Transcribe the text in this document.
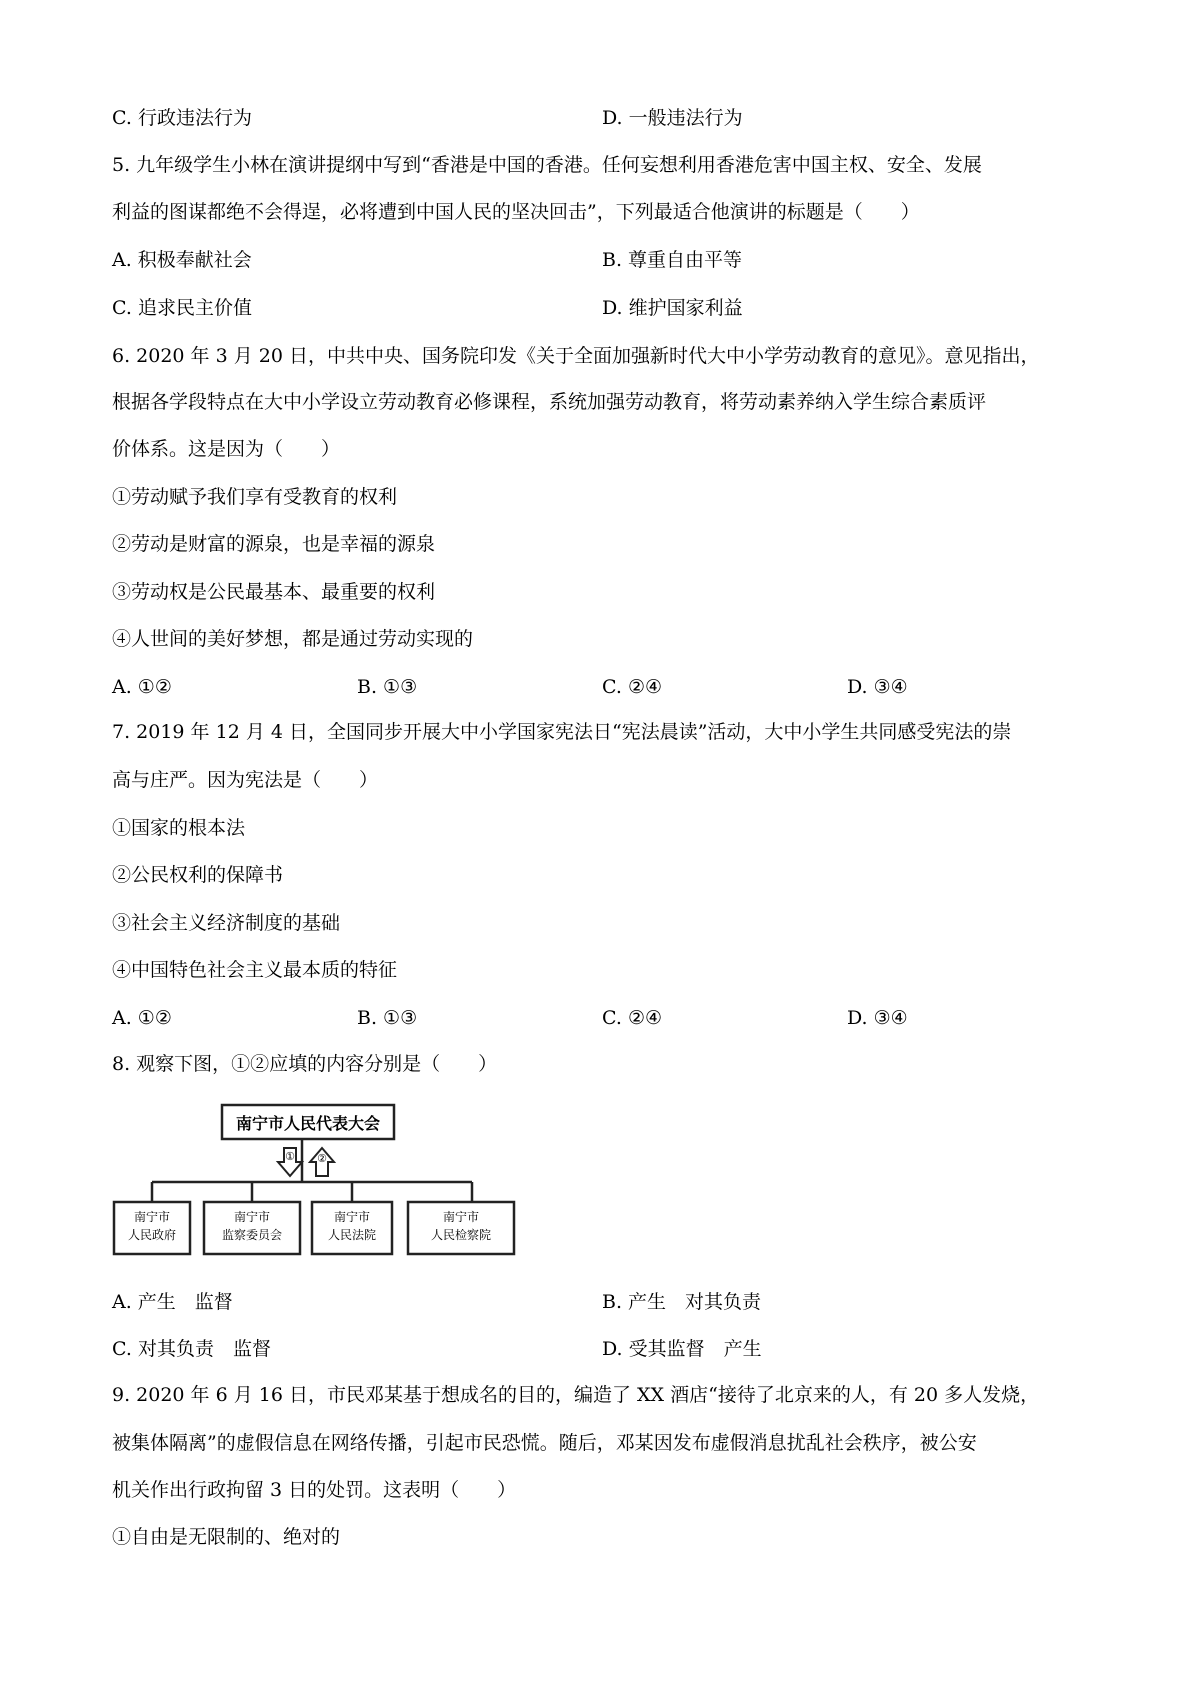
C. 行政违法行为	D. 一般违法行为
5. 九年级学生小林在演讲提纲中写到“香港是中国的香港。任何妄想利用香港危害中国主权、安全、发展
利益的图谋都绝不会得逞，必将遭到中国人民的坚决回击”，下列最适合他演讲的标题是（　　）
A. 积极奉献社会	B. 尊重自由平等
C. 追求民主价值	D. 维护国家利益
6. 2020 年 3 月 20 日，中共中央、国务院印发《关于全面加强新时代大中小学劳动教育的意见》。意见指出，
根据各学段特点在大中小学设立劳动教育必修课程，系统加强劳动教育，将劳动素养纳入学生综合素质评
价体系。这是因为（　　）
①劳动赋予我们享有受教育的权利
②劳动是财富的源泉，也是幸福的源泉
③劳动权是公民最基本、最重要的权利
④人世间的美好梦想，都是通过劳动实现的
A. ①②	B. ①③	C. ②④	D. ③④
7. 2019 年 12 月 4 日，全国同步开展大中小学国家宪法日“宪法晨读”活动，大中小学生共同感受宪法的崇
高与庄严。因为宪法是（　　）
①国家的根本法
②公民权利的保障书
③社会主义经济制度的基础
④中国特色社会主义最本质的特征
A. ①②	B. ①③	C. ②④	D. ③④
8. 观察下图，①②应填的内容分别是（　　）
南宁市人民代表大会
①	②
南宁市
人民政府
南宁市
监察委员会
南宁市
人民法院
南宁市
人民检察院
A. 产生　监督	B. 产生　对其负责
C. 对其负责　监督	D. 受其监督　产生
9. 2020 年 6 月 16 日，市民邓某基于想成名的目的，编造了 XX 酒店“接待了北京来的人，有 20 多人发烧，
被集体隔离”的虚假信息在网络传播，引起市民恐慌。随后，邓某因发布虚假消息扰乱社会秩序，被公安
机关作出行政拘留 3 日的处罚。这表明（　　）
①自由是无限制的、绝对的
